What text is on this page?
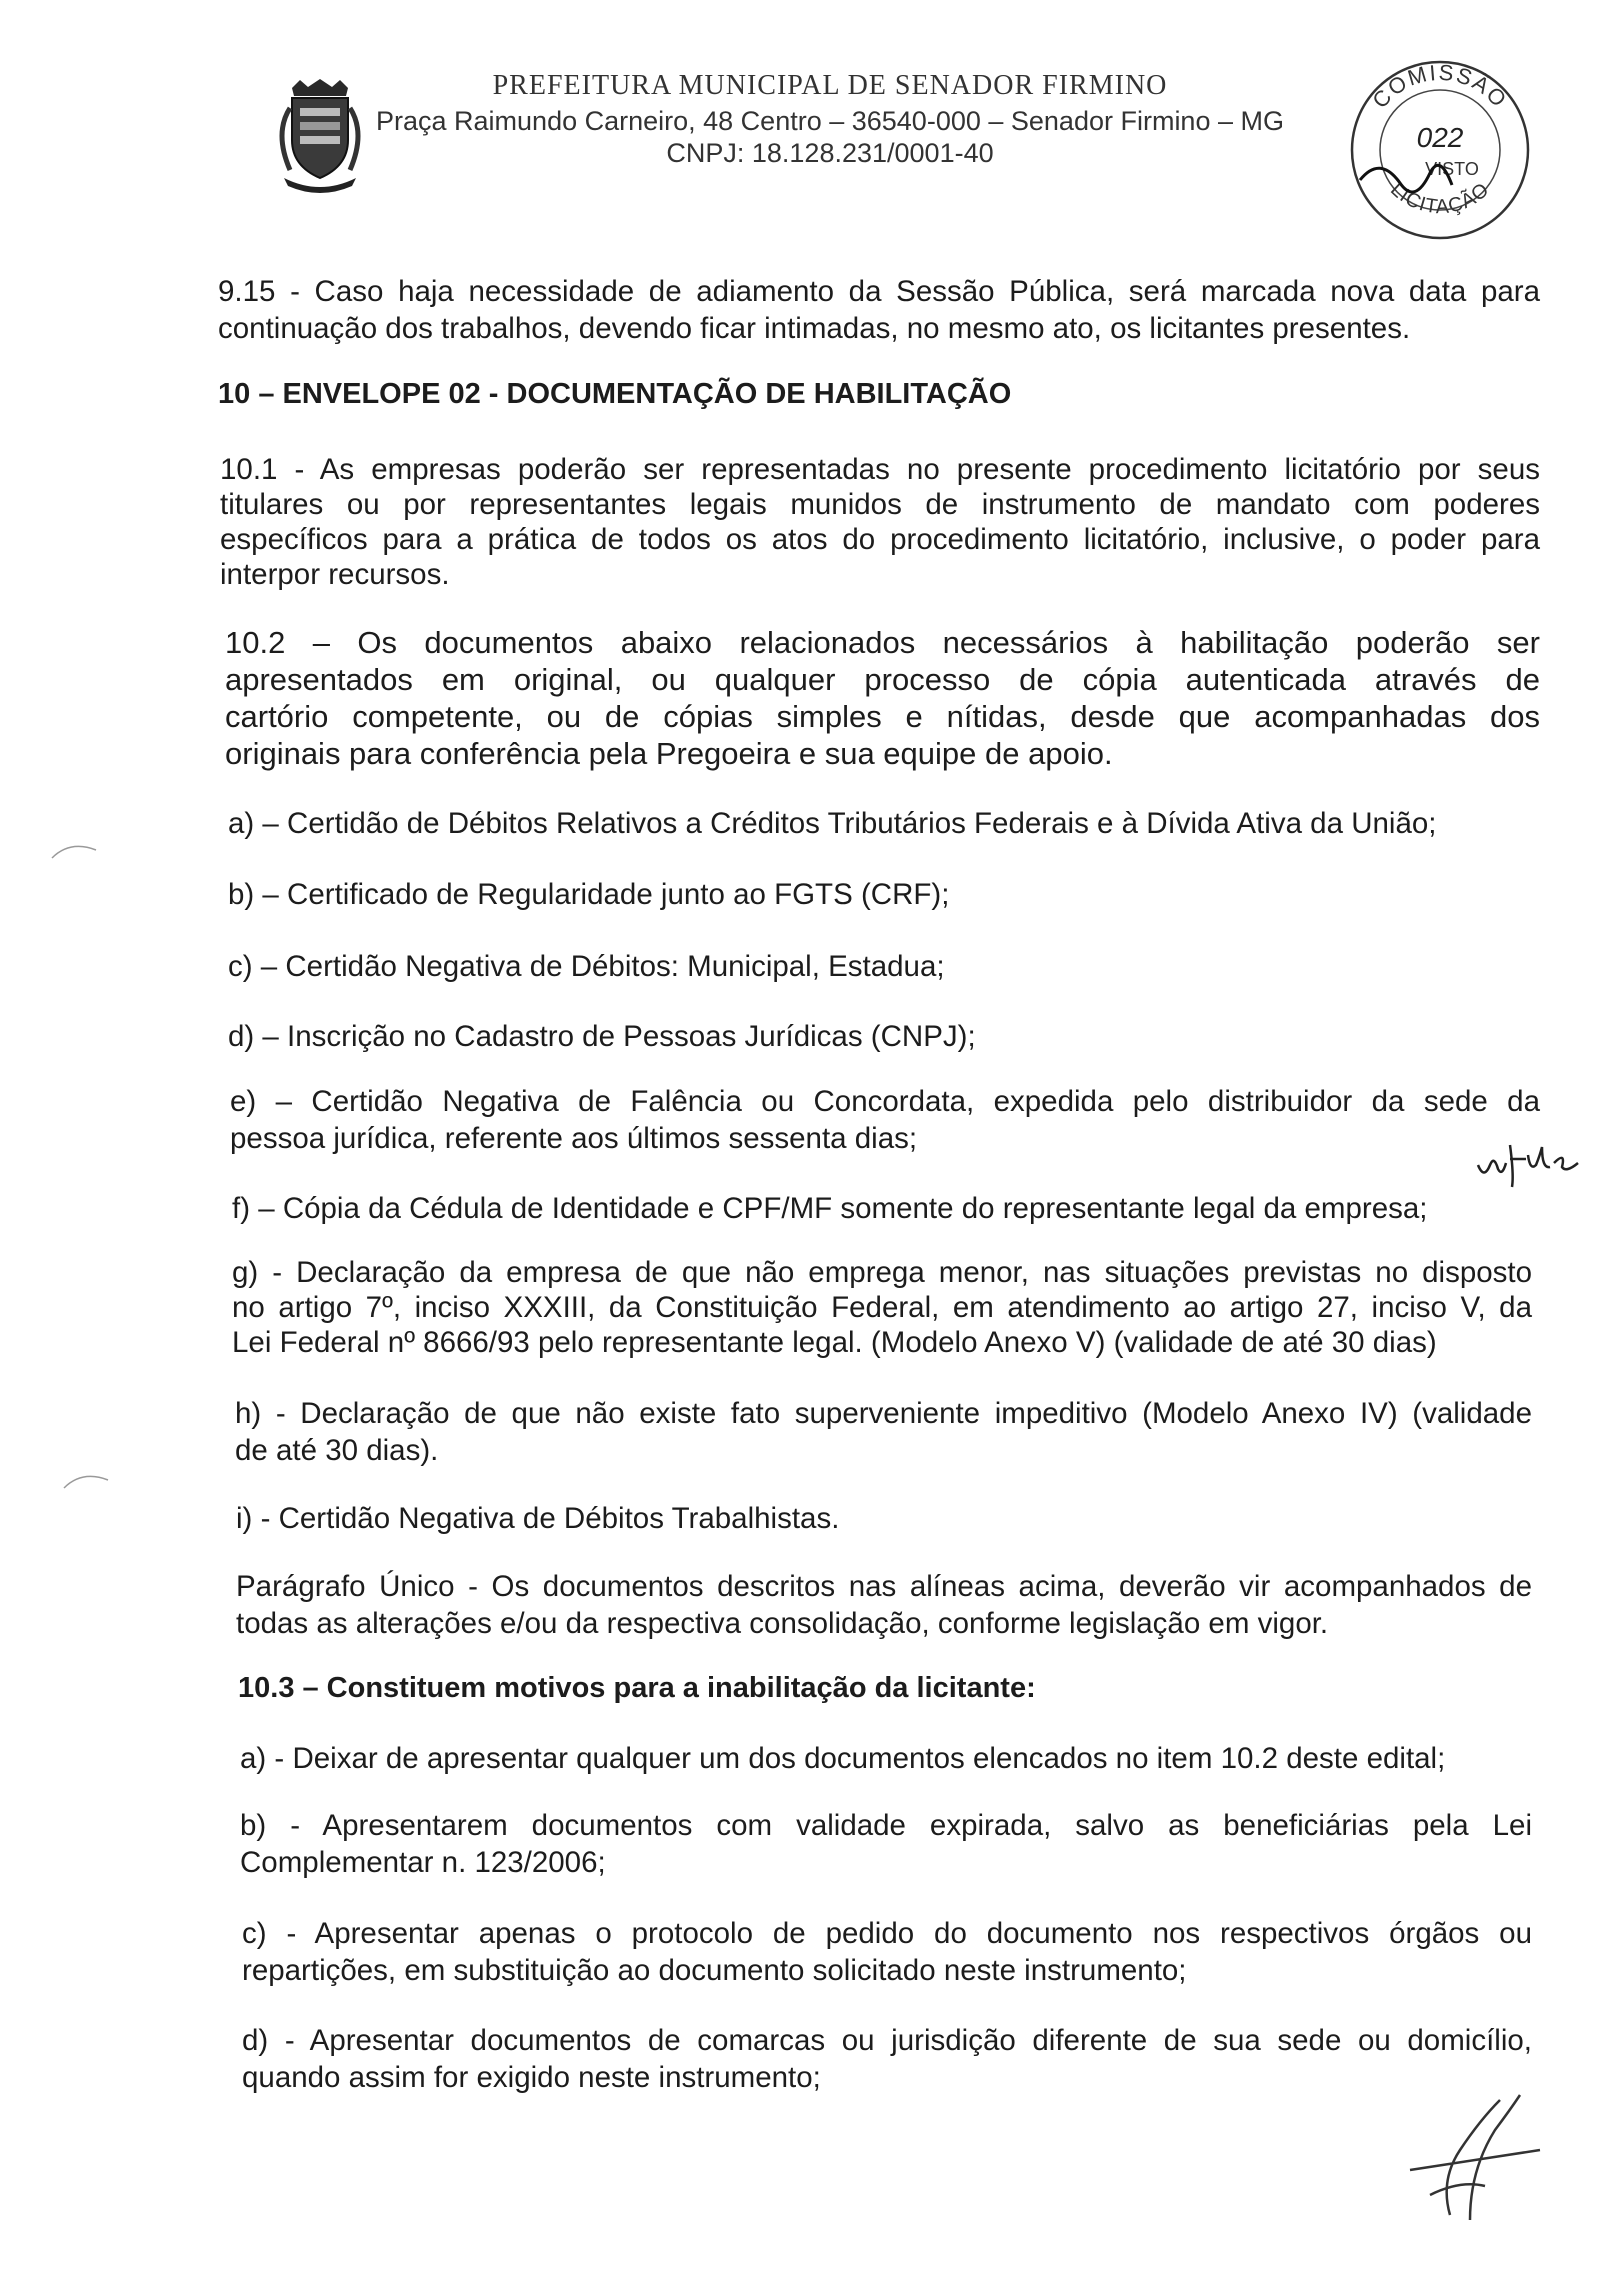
PREFEITURA MUNICIPAL DE SENADOR FIRMINO
Praça Raimundo Carneiro, 48 Centro – 36540-000 – Senador Firmino – MG
CNPJ: 18.128.231/0001-40
COMISSÃO
022
VISTO
LICITAÇÃO
9.15 - Caso haja necessidade de adiamento da Sessão Pública, será marcada nova data para
continuação dos trabalhos, devendo ficar intimadas, no mesmo ato, os licitantes presentes.
10 – ENVELOPE 02 - DOCUMENTAÇÃO DE HABILITAÇÃO
10.1 - As empresas poderão ser representadas no presente procedimento licitatório por seus
titulares ou por representantes legais munidos de instrumento de mandato com poderes
específicos para a prática de todos os atos do procedimento licitatório, inclusive, o poder para
interpor recursos.
10.2 – Os documentos abaixo relacionados necessários à habilitação poderão ser
apresentados em original, ou qualquer processo de cópia autenticada através de
cartório competente, ou de cópias simples e nítidas, desde que acompanhadas dos
originais para conferência pela Pregoeira e sua equipe de apoio.
a) – Certidão de Débitos Relativos a Créditos Tributários Federais e à Dívida Ativa da União;
b) – Certificado de Regularidade junto ao FGTS (CRF);
c) – Certidão Negativa de Débitos: Municipal, Estadua;
d) – Inscrição no Cadastro de Pessoas Jurídicas (CNPJ);
e) – Certidão Negativa de Falência ou Concordata, expedida pelo distribuidor da sede da
pessoa jurídica, referente aos últimos sessenta dias;
f) – Cópia da Cédula de Identidade e CPF/MF somente do representante legal da empresa;
g) - Declaração da empresa de que não emprega menor, nas situações previstas no disposto
no artigo 7º, inciso XXXIII, da Constituição Federal, em atendimento ao artigo 27, inciso V, da
Lei Federal nº 8666/93 pelo representante legal. (Modelo Anexo V) (validade de até 30 dias)
h) - Declaração de que não existe fato superveniente impeditivo (Modelo Anexo IV) (validade
de até 30 dias).
i) - Certidão Negativa de Débitos Trabalhistas.
Parágrafo Único - Os documentos descritos nas alíneas acima, deverão vir acompanhados de
todas as alterações e/ou da respectiva consolidação, conforme legislação em vigor.
10.3 – Constituem motivos para a inabilitação da licitante:
a) - Deixar de apresentar qualquer um dos documentos elencados no item 10.2 deste edital;
b) - Apresentarem documentos com validade expirada, salvo as beneficiárias pela Lei
Complementar n. 123/2006;
c) - Apresentar apenas o protocolo de pedido do documento nos respectivos órgãos ou
repartições, em substituição ao documento solicitado neste instrumento;
d) - Apresentar documentos de comarcas ou jurisdição diferente de sua sede ou domicílio,
quando assim for exigido neste instrumento;
